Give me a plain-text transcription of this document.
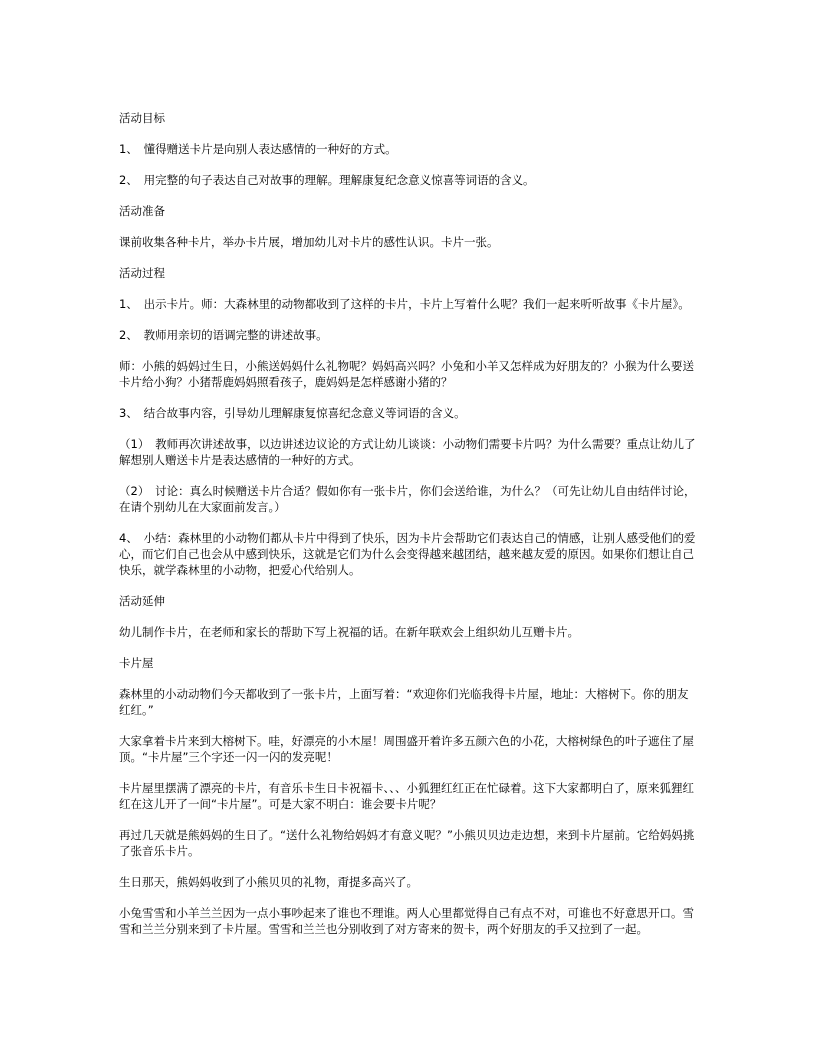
活动目标

1、　懂得赠送卡片是向别人表达感情的一种好的方式。

2、　用完整的句子表达自己对故事的理解。理解康复纪念意义惊喜等词语的含义。

活动准备

课前收集各种卡片，举办卡片展，增加幼儿对卡片的感性认识。卡片一张。

活动过程

1、　出示卡片。师：大森林里的动物都收到了这样的卡片，卡片上写着什么呢？我们一起来听听故事《卡片屋》。

2、　教师用亲切的语调完整的讲述故事。

师：小熊的妈妈过生日，小熊送妈妈什么礼物呢？妈妈高兴吗？小兔和小羊又怎样成为好朋友的？小猴为什么要送卡片给小狗？小猪帮鹿妈妈照看孩子，鹿妈妈是怎样感谢小猪的？

3、　结合故事内容，引导幼儿理解康复惊喜纪念意义等词语的含义。

（1）　教师再次讲述故事，以边讲述边议论的方式让幼儿谈谈：小动物们需要卡片吗？为什么需要？重点让幼儿了解想别人赠送卡片是表达感情的一种好的方式。

（2）　讨论：真么时候赠送卡片合适？假如你有一张卡片，你们会送给谁，为什么？（可先让幼儿自由结伴讨论，在请个别幼儿在大家面前发言。）

4、　小结：森林里的小动物们都从卡片中得到了快乐，因为卡片会帮助它们表达自己的情感，让别人感受他们的爱心，而它们自己也会从中感到快乐，这就是它们为什么会变得越来越团结，越来越友爱的原因。如果你们想让自己快乐，就学森林里的小动物，把爱心代给别人。

活动延伸

幼儿制作卡片，在老师和家长的帮助下写上祝福的话。在新年联欢会上组织幼儿互赠卡片。

卡片屋

森林里的小动动物们今天都收到了一张卡片，上面写着：“欢迎你们光临我得卡片屋，地址：大榕树下。你的朋友红红。”

大家拿着卡片来到大榕树下。哇，好漂亮的小木屋！周围盛开着许多五颜六色的小花，大榕树绿色的叶子遮住了屋顶。“卡片屋”三个字还一闪一闪的发亮呢！

卡片屋里摆满了漂亮的卡片，有音乐卡生日卡祝福卡、、、小狐狸红红正在忙碌着。这下大家都明白了，原来狐狸红红在这儿开了一间“卡片屋”。可是大家不明白：谁会要卡片呢？

再过几天就是熊妈妈的生日了。“送什么礼物给妈妈才有意义呢？”小熊贝贝边走边想，来到卡片屋前。它给妈妈挑了张音乐卡片。

生日那天，熊妈妈收到了小熊贝贝的礼物，甭提多高兴了。

小兔雪雪和小羊兰兰因为一点小事吵起来了谁也不理谁。两人心里都觉得自己有点不对，可谁也不好意思开口。雪雪和兰兰分别来到了卡片屋。雪雪和兰兰也分别收到了对方寄来的贺卡，两个好朋友的手又拉到了一起。
